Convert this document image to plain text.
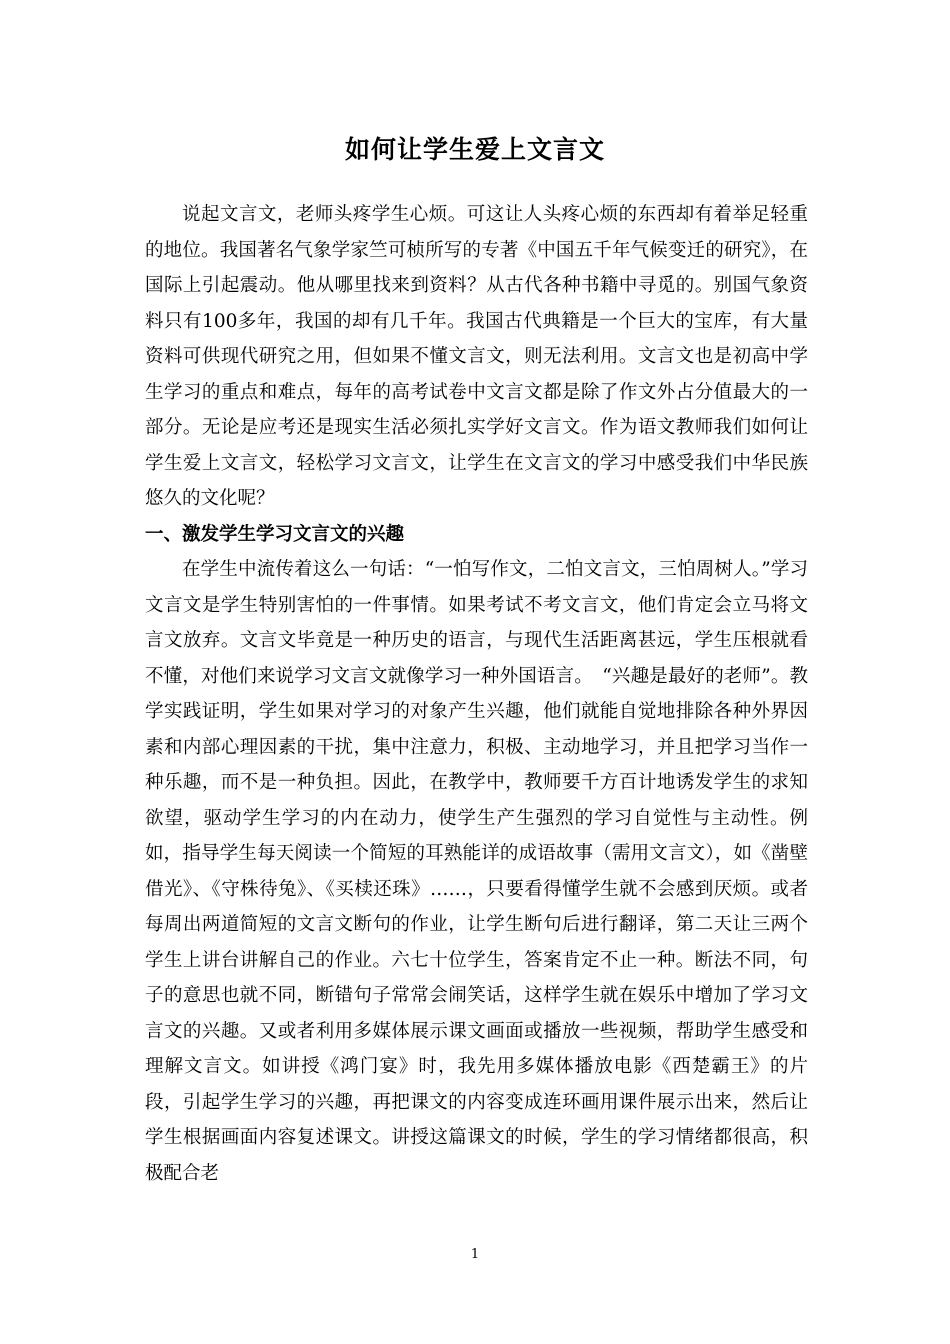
如何让学生爱上文言文

说起文言文，老师头疼学生心烦。可这让人头疼心烦的东西却有着举足轻重的地位。我国著名气象学家竺可桢所写的专著《中国五千年气候变迁的研究》，在国际上引起震动。他从哪里找来到资料？从古代各种书籍中寻觅的。别国气象资料只有100多年，我国的却有几千年。我国古代典籍是一个巨大的宝库，有大量资料可供现代研究之用，但如果不懂文言文，则无法利用。文言文也是初高中学生学习的重点和难点，每年的高考试卷中文言文都是除了作文外占分值最大的一部分。无论是应考还是现实生活必须扎实学好文言文。作为语文教师我们如何让学生爱上文言文，轻松学习文言文，让学生在文言文的学习中感受我们中华民族悠久的文化呢？

一、激发学生学习文言文的兴趣

在学生中流传着这么一句话：“一怕写作文，二怕文言文，三怕周树人。”学习文言文是学生特别害怕的一件事情。如果考试不考文言文，他们肯定会立马将文言文放弃。文言文毕竟是一种历史的语言，与现代生活距离甚远，学生压根就看不懂，对他们来说学习文言文就像学习一种外国语言。　“兴趣是最好的老师”。教学实践证明，学生如果对学习的对象产生兴趣，他们就能自觉地排除各种外界因素和内部心理因素的干扰，集中注意力，积极、主动地学习，并且把学习当作一种乐趣，而不是一种负担。因此，在教学中，教师要千方百计地诱发学生的求知欲望，驱动学生学习的内在动力，使学生产生强烈的学习自觉性与主动性。例如，指导学生每天阅读一个简短的耳熟能详的成语故事（需用文言文），如《凿壁借光》、《守株待兔》、《买椟还珠》……，只要看得懂学生就不会感到厌烦。或者每周出两道简短的文言文断句的作业，让学生断句后进行翻译，第二天让三两个学生上讲台讲解自己的作业。六七十位学生，答案肯定不止一种。断法不同，句子的意思也就不同，断错句子常常会闹笑话，这样学生就在娱乐中增加了学习文言文的兴趣。又或者利用多媒体展示课文画面或播放一些视频，帮助学生感受和理解文言文。如讲授《鸿门宴》时，我先用多媒体播放电影《西楚霸王》的片段，引起学生学习的兴趣，再把课文的内容变成连环画用课件展示出来，然后让学生根据画面内容复述课文。讲授这篇课文的时候，学生的学习情绪都很高，积极配合老

1
